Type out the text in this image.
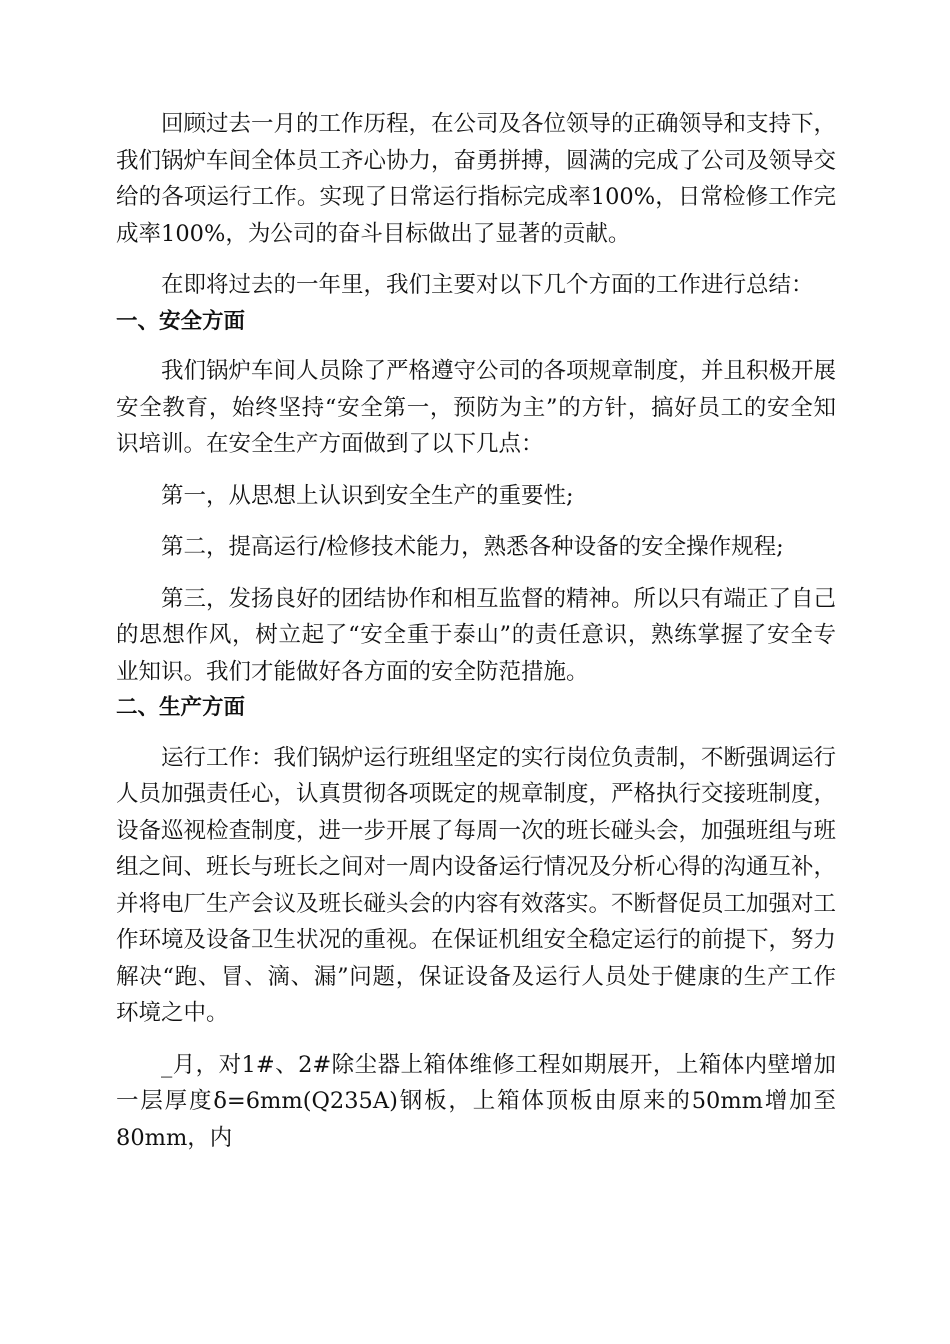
回顾过去一月的工作历程，在公司及各位领导的正确领导和支持下，我们锅炉车间全体员工齐心协力，奋勇拼搏，圆满的完成了公司及领导交给的各项运行工作。实现了日常运行指标完成率100%，日常检修工作完成率100%，为公司的奋斗目标做出了显著的贡献。

在即将过去的一年里，我们主要对以下几个方面的工作进行总结：

一、安全方面

我们锅炉车间人员除了严格遵守公司的各项规章制度，并且积极开展安全教育，始终坚持“安全第一，预防为主”的方针，搞好员工的安全知识培训。在安全生产方面做到了以下几点：

第一，从思想上认识到安全生产的重要性;

第二，提高运行/检修技术能力，熟悉各种设备的安全操作规程;

第三，发扬良好的团结协作和相互监督的精神。所以只有端正了自己的思想作风，树立起了“安全重于泰山”的责任意识，熟练掌握了安全专业知识。我们才能做好各方面的安全防范措施。

二、生产方面

运行工作：我们锅炉运行班组坚定的实行岗位负责制，不断强调运行人员加强责任心，认真贯彻各项既定的规章制度，严格执行交接班制度，设备巡视检查制度，进一步开展了每周一次的班长碰头会，加强班组与班组之间、班长与班长之间对一周内设备运行情况及分析心得的沟通互补，并将电厂生产会议及班长碰头会的内容有效落实。不断督促员工加强对工作环境及设备卫生状况的重视。在保证机组安全稳定运行的前提下，努力解决“跑、冒、滴、漏”问题，保证设备及运行人员处于健康的生产工作环境之中。

_月，对1#、2#除尘器上箱体维修工程如期展开，上箱体内壁增加一层厚度δ=6mm(Q235A)钢板，上箱体顶板由原来的50mm增加至80mm，内
